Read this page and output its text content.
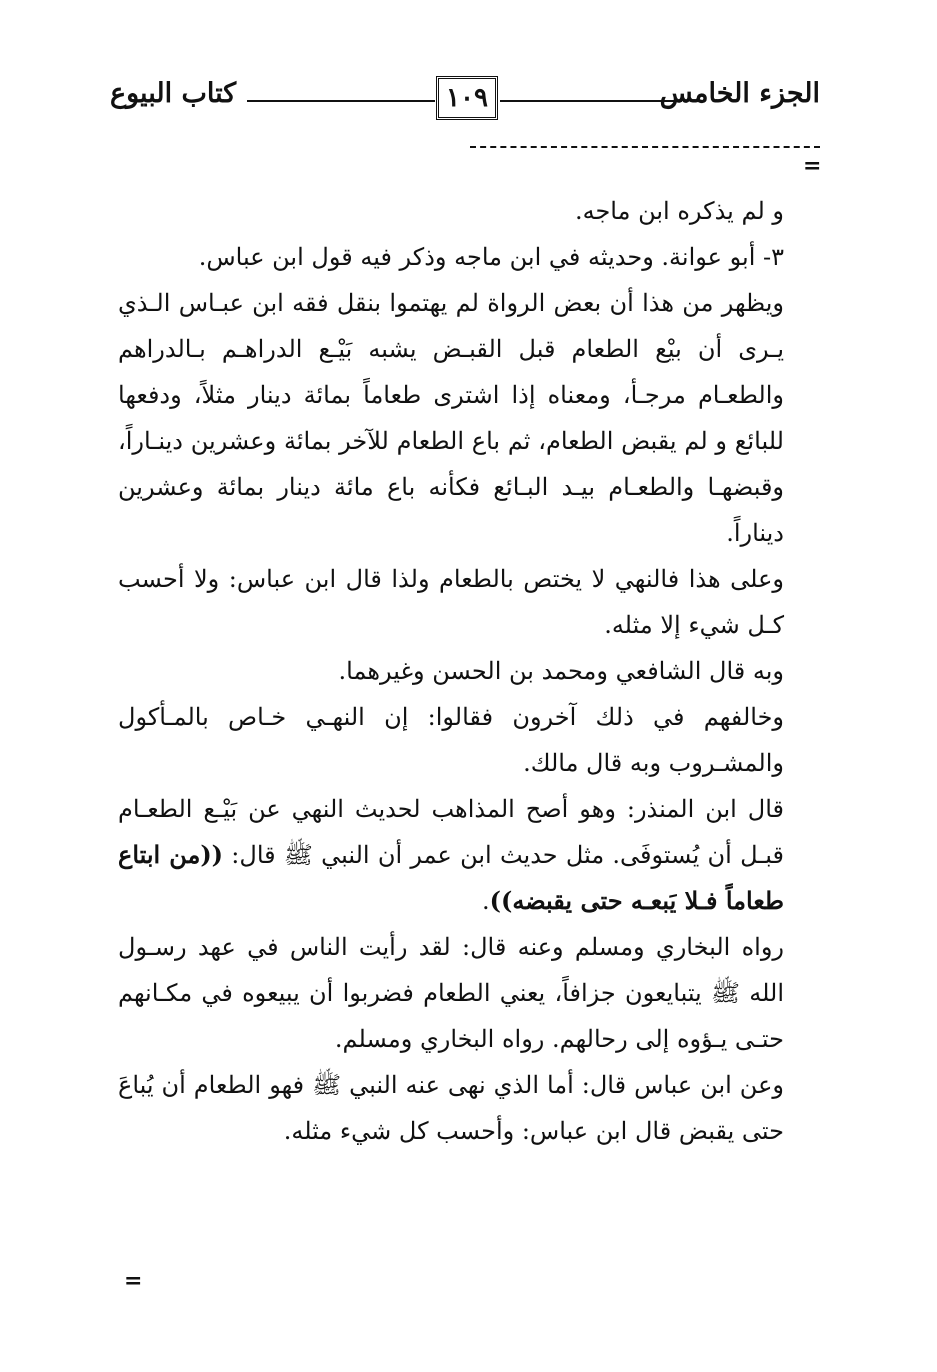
الجزء الخامس
١٠٩
كتاب البيوع
=

و لم يذكره ابن ماجه.

٣- أبو عوانة. وحديثه في ابن ماجه وذكر فيه قول ابن عباس.

ويظهر من هذا أن بعض الرواة لم يهتموا بنقل فقه ابن عبـاس الـذي يـرى أن بيْع الطعام قبل القبـض يشبه بَيْـع الدراهـم بـالدراهم والطعـام مرجـأ، ومعناه إذا اشترى طعاماً بمائة دينار مثلاً، ودفعها للبائع و لم يقبض الطعام، ثم باع الطعام للآخر بمائة وعشرين دينـاراً، وقبضهـا والطعـام بيـد البـائع فكأنه باع مائة دينار بمائة وعشرين ديناراً.

وعلى هذا فالنهي لا يختص بالطعام ولذا قال ابن عباس: ولا أحسب كـل شيء إلا مثله.

وبه قال الشافعي ومحمد بن الحسن وغيرهما.

وخالفهم في ذلك آخرون فقالوا: إن النهـي خـاص بالمـأكول والمشـروب وبه قال مالك.

قال ابن المنذر: وهو أصح المذاهب لحديث النهي عن بَيْـع الطعـام قبـل أن يُستوفَى. مثل حديث ابن عمر أن النبي ﷺ قال: ((من ابتاع طعاماً فـلا يَبعـه حتى يقبضه)).

رواه البخاري ومسلم وعنه قال: لقد رأيت الناس في عهد رسـول الله ﷺ يتبايعون جزافاً، يعني الطعام فضربوا أن يبيعوه في مكـانهم حتـى يـؤوه إلى رحالهم. رواه البخاري ومسلم.

وعن ابن عباس قال: أما الذي نهى عنه النبي ﷺ فهو الطعام أن يُباعَ حتى يقبض قال ابن عباس: وأحسب كل شيء مثله.

=
